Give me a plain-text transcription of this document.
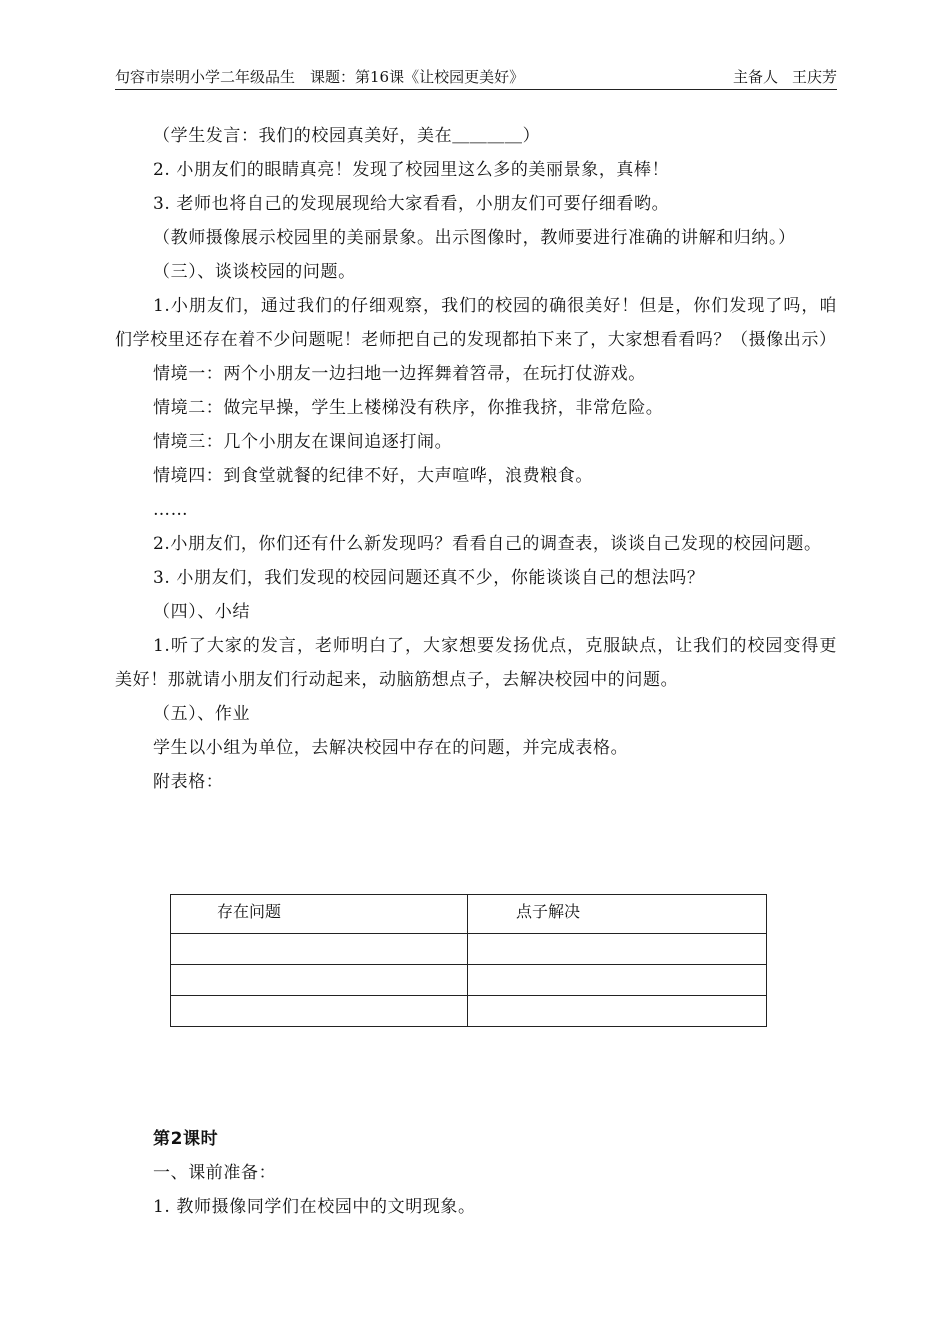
句容市崇明小学二年级品生　课题：第16课《让校园更美好》	主备人 王庆芳

（学生发言：我们的校园真美好，美在＿＿＿＿）

2. 小朋友们的眼睛真亮！发现了校园里这么多的美丽景象，真棒！

3. 老师也将自己的发现展现给大家看看，小朋友们可要仔细看哟。

（教师摄像展示校园里的美丽景象。出示图像时，教师要进行准确的讲解和归纳。）

（三）、谈谈校园的问题。

1.小朋友们，通过我们的仔细观察，我们的校园的确很美好！但是，你们发现了吗，咱们学校里还存在着不少问题呢！老师把自己的发现都拍下来了，大家想看看吗？（摄像出示）

情境一：两个小朋友一边扫地一边挥舞着笤帚，在玩打仗游戏。

情境二：做完早操，学生上楼梯没有秩序，你推我挤，非常危险。

情境三：几个小朋友在课间追逐打闹。

情境四：到食堂就餐的纪律不好，大声喧哗，浪费粮食。

……

2.小朋友们，你们还有什么新发现吗？看看自己的调查表，谈谈自己发现的校园问题。

3. 小朋友们，我们发现的校园问题还真不少，你能谈谈自己的想法吗？

（四）、小结

1.听了大家的发言，老师明白了，大家想要发扬优点，克服缺点，让我们的校园变得更美好！那就请小朋友们行动起来，动脑筋想点子，去解决校园中的问题。

（五）、作业

学生以小组为单位，去解决校园中存在的问题，并完成表格。

附表格：

存在问题	点子解决

第2课时

一、课前准备：

1. 教师摄像同学们在校园中的文明现象。
